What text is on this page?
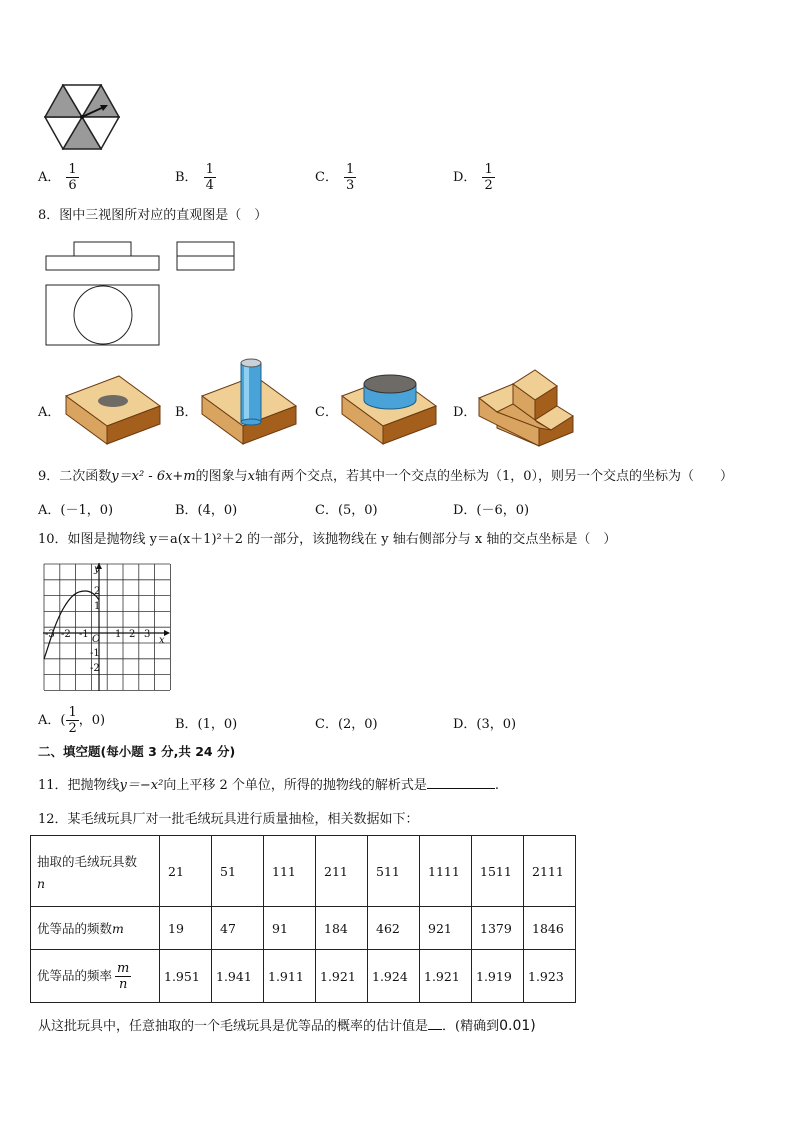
A． $\frac{1}{6}$	B． $\frac{1}{4}$	C． $\frac{1}{3}$	D． $\frac{1}{2}$
8．图中三视图所对应的直观图是（　）
A．	B．	C．	D．
9．二次函数y＝x² - 6x+m的图象与x轴有两个交点，若其中一个交点的坐标为（1，0），则另一个交点的坐标为（　　）
A．(－1，0)	B．(4，0)	C．(5，0)	D．(－6，0)
10．如图是抛物线 y＝a(x＋1)²＋2 的一部分，该抛物线在 y 轴右侧部分与 x 轴的交点坐标是（　）
y
x
O
-3 -2 -1	1 2 3
2
1
-1
-2
A．( $\frac{1}{2}$ ，0)	B．(1，0)	C．(2，0)	D．(3，0)
二、填空题(每小题 3 分,共 24 分)
11．把抛物线y＝−x²向上平移 2 个单位，所得的抛物线的解析式是	.
12．某毛绒玩具厂对一批毛绒玩具进行质量抽检，相关数据如下：
抽取的毛绒玩具数
n	21	51	111	211	511	1111	1511	2111
优等品的频数m	19	47	91	184	462	921	1379	1846
优等品的频率 $\frac{m}{n}$	1.951	1.941	1.911	1.921	1.924	1.921	1.919	1.923
从这批玩具中，任意抽取的一个毛绒玩具是优等品的概率的估计值是 ．(精确到0.01)
